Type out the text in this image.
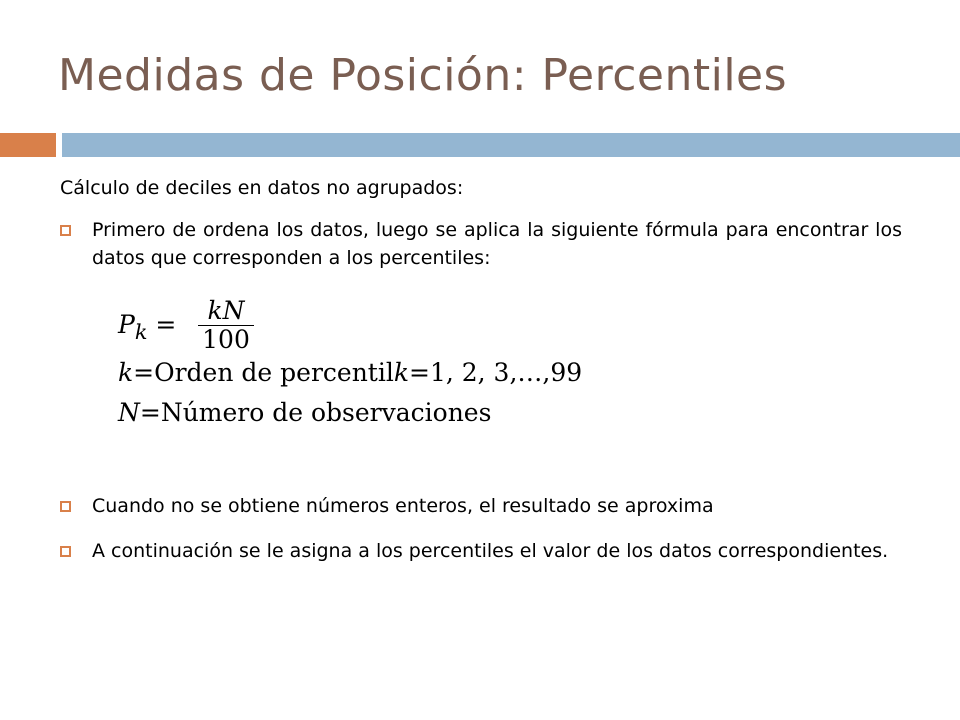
Medidas de Posición: Percentiles
Cálculo de deciles en datos no agrupados:
Primero de ordena los datos, luego se aplica la siguiente fórmula para encontrar los datos que corresponden a los percentiles:
$P_k$ =	kN
100
k=Orden de percentilk=1, 2, 3,…,99
N=Número de observaciones
Cuando no se obtiene números enteros, el resultado se aproxima
A continuación se le asigna a los percentiles el valor de los datos correspondientes.
